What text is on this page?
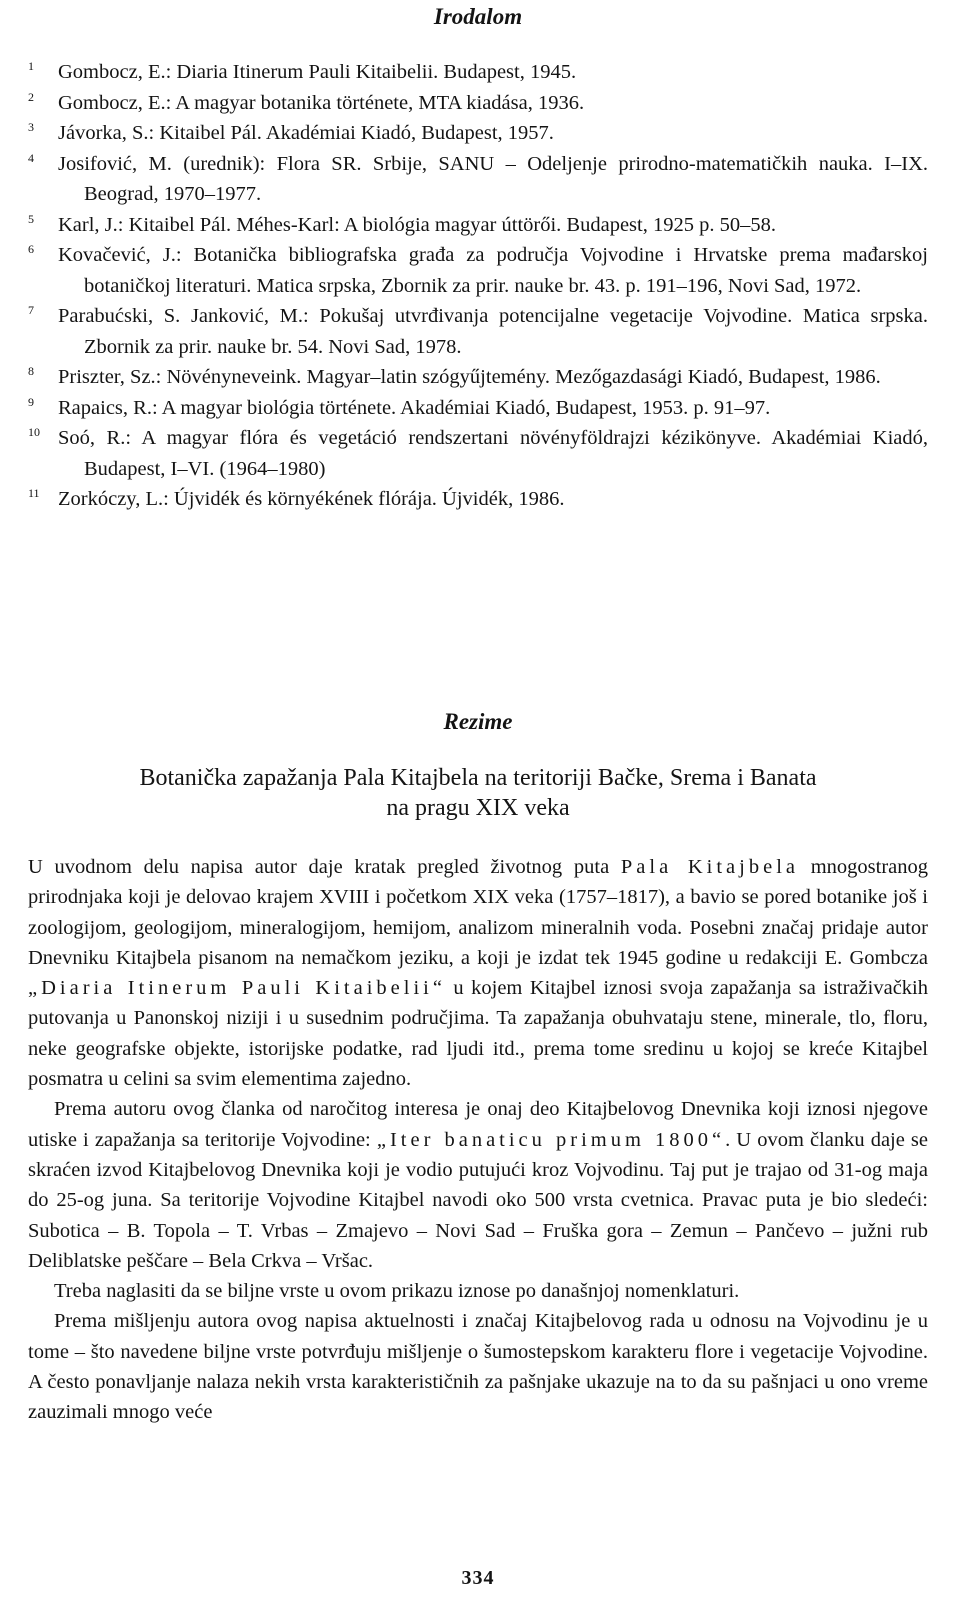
Irodalom
1	Gombocz, E.: Diaria Itinerum Pauli Kitaibelii. Budapest, 1945.
2	Gombocz, E.: A magyar botanika története, MTA kiadása, 1936.
3	Jávorka, S.: Kitaibel Pál. Akadémiai Kiadó, Budapest, 1957.
4	Josifović, M. (urednik): Flora SR. Srbije, SANU – Odeljenje prirodno-matematičkih nauka. I–IX. Beograd, 1970–1977.
5	Karl, J.: Kitaibel Pál. Méhes-Karl: A biológia magyar úttörői. Budapest, 1925 p. 50–58.
6	Kovačević, J.: Botanička bibliografska građa za područja Vojvodine i Hrvatske prema mađarskoj botaničkoj literaturi. Matica srpska, Zbornik za prir. nauke br. 43. p. 191–196, Novi Sad, 1972.
7	Parabućski, S. Janković, M.: Pokušaj utvrđivanja potencijalne vegetacije Vojvodine. Matica srpska. Zbornik za prir. nauke br. 54. Novi Sad, 1978.
8	Priszter, Sz.: Növényneveink. Magyar–latin szógyűjtemény. Mezőgazdasági Kiadó, Budapest, 1986.
9	Rapaics, R.: A magyar biológia története. Akadémiai Kiadó, Budapest, 1953. p. 91–97.
10 Soó, R.: A magyar flóra és vegetáció rendszertani növényföldrajzi kézikönyve. Akadémiai Kiadó, Budapest, I–VI. (1964–1980)
11 Zorkóczy, L.: Újvidék és környékének flórája. Újvidék, 1986.
Rezime
Botanička zapažanja Pala Kitajbela na teritoriji Bačke, Srema i Banata
na pragu XIX veka

U uvodnom delu napisa autor daje kratak pregled životnog puta Pala Kitajbela mnogostranog prirodnjaka koji je delovao krajem XVIII i početkom XIX veka (1757–1817), a bavio se pored botanike još i zoologijom, geologijom, mineralogijom, hemijom, analizom mineralnih voda. Posebni značaj pridaje autor Dnevniku Kitajbela pisanom na nemačkom jeziku, a koji je izdat tek 1945 godine u redakciji E. Gombcza „Diaria Itinerum Pauli Kitaibelii“ u kojem Kitajbel iznosi svoja zapažanja sa istraživačkih putovanja u Panonskoj niziji i u susednim područjima. Ta zapažanja obuhvataju stene, minerale, tlo, floru, neke geografske objekte, istorijske podatke, rad ljudi itd., prema tome sredinu u kojoj se kreće Kitajbel posmatra u celini sa svim elementima zajedno.

Prema autoru ovog članka od naročitog interesa je onaj deo Kitajbelovog Dnevnika koji iznosi njegove utiske i zapažanja sa teritorije Vojvodine: „Iter banaticu primum 1800“. U ovom članku daje se skraćen izvod Kitajbelovog Dnevnika koji je vodio putujući kroz Vojvodinu. Taj put je trajao od 31-og maja do 25-og juna. Sa teritorije Vojvodine Kitajbel navodi oko 500 vrsta cvetnica. Pravac puta je bio sledeći: Subotica – B. Topola – T. Vrbas – Zmajevo – Novi Sad – Fruška gora – Zemun – Pančevo – južni rub Deliblatske peščare – Bela Crkva – Vršac.

Treba naglasiti da se biljne vrste u ovom prikazu iznose po današnjoj nomenklaturi.

Prema mišljenju autora ovog napisa aktuelnosti i značaj Kitajbelovog rada u odnosu na Vojvodinu je u tome – što navedene biljne vrste potvrđuju mišljenje o šumostepskom karakteru flore i vegetacije Vojvodine. A često ponavljanje nalaza nekih vrsta karakterističnih za pašnjake ukazuje na to da su pašnjaci u ono vreme zauzimali mnogo veće

334
